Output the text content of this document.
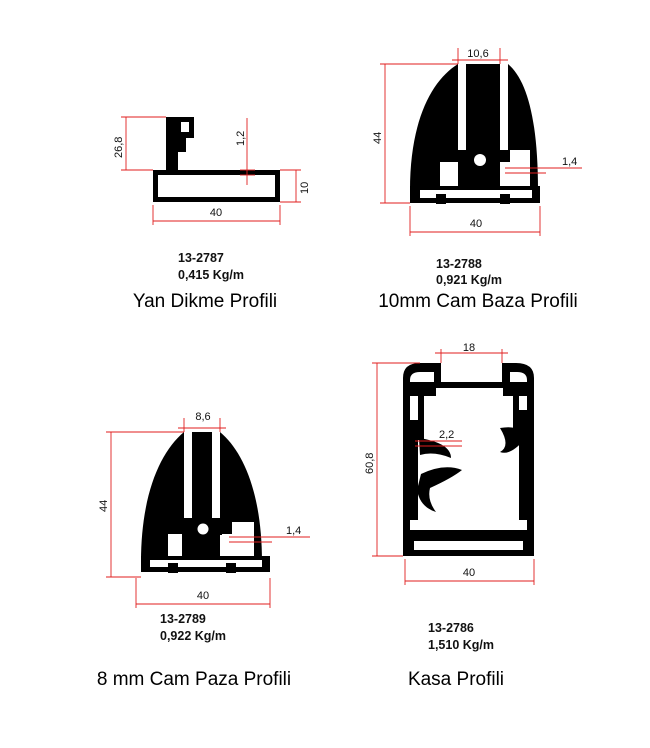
26,8	1,2
10
40
13-2787
0,415 Kg/m
Yan Dikme Profili
10,6
44
1,4
40
13-2788
0,921 Kg/m
10mm Cam Baza Profili
8,6
44
1,4
40
13-2789
0,922 Kg/m
8 mm Cam Paza Profili
18
60,8
2,2
40
13-2786
1,510 Kg/m
Kasa Profili
